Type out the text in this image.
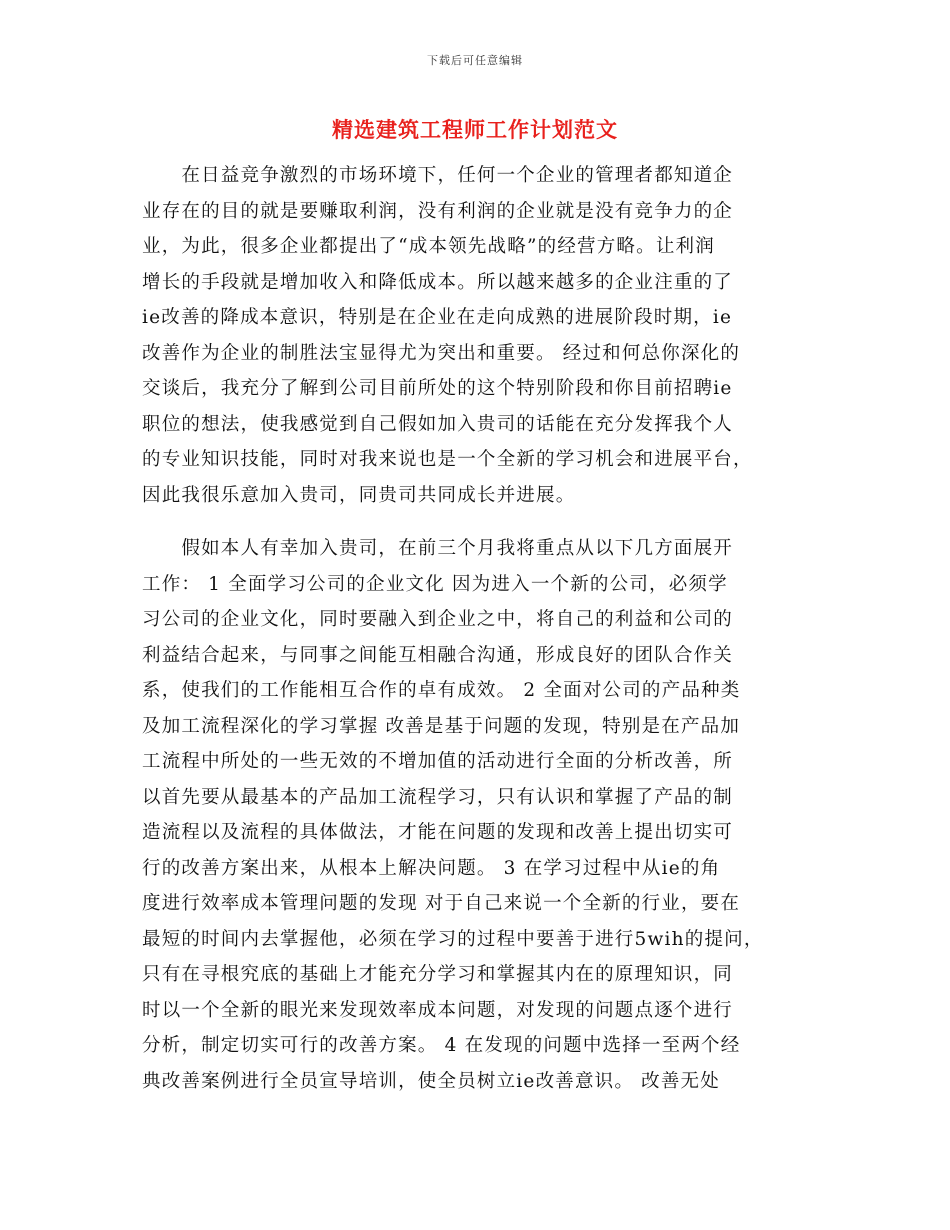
下载后可任意编辑
精选建筑工程师工作计划范文
　　在日益竞争激烈的市场环境下，任何一个企业的管理者都知道企
业存在的目的就是要赚取利润，没有利润的企业就是没有竞争力的企
业，为此，很多企业都提出了“成本领先战略”的经营方略。让利润
增长的手段就是增加收入和降低成本。所以越来越多的企业注重的了
ie改善的降成本意识，特别是在企业在走向成熟的进展阶段时期，ie
改善作为企业的制胜法宝显得尤为突出和重要。 经过和何总你深化的
交谈后，我充分了解到公司目前所处的这个特别阶段和你目前招聘ie
职位的想法，使我感觉到自己假如加入贵司的话能在充分发挥我个人
的专业知识技能，同时对我来说也是一个全新的学习机会和进展平台，
因此我很乐意加入贵司，同贵司共同成长并进展。
　　假如本人有幸加入贵司，在前三个月我将重点从以下几方面展开
工作： 1 全面学习公司的企业文化 因为进入一个新的公司，必须学
习公司的企业文化，同时要融入到企业之中，将自己的利益和公司的
利益结合起来，与同事之间能互相融合沟通，形成良好的团队合作关
系，使我们的工作能相互合作的卓有成效。 2 全面对公司的产品种类
及加工流程深化的学习掌握 改善是基于问题的发现，特别是在产品加
工流程中所处的一些无效的不增加值的活动进行全面的分析改善，所
以首先要从最基本的产品加工流程学习，只有认识和掌握了产品的制
造流程以及流程的具体做法，才能在问题的发现和改善上提出切实可
行的改善方案出来，从根本上解决问题。 3 在学习过程中从ie的角
度进行效率成本管理问题的发现 对于自己来说一个全新的行业，要在
最短的时间内去掌握他，必须在学习的过程中要善于进行5wih的提问，
只有在寻根究底的基础上才能充分学习和掌握其内在的原理知识，同
时以一个全新的眼光来发现效率成本问题，对发现的问题点逐个进行
分析，制定切实可行的改善方案。 4 在发现的问题中选择一至两个经
典改善案例进行全员宣导培训，使全员树立ie改善意识。 改善无处
